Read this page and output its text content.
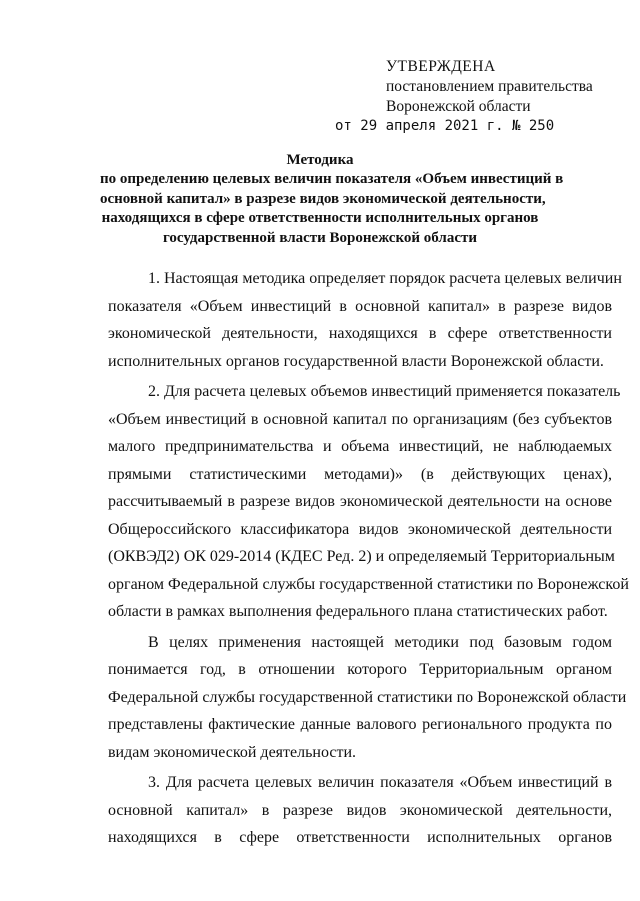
УТВЕРЖДЕНА
постановлением правительства
Воронежской области
от 29 апреля 2021 г. № 250
Методика
по определению целевых величин показателя «Объем инвестиций в
основной капитал» в разрезе видов экономической деятельности,
находящихся в сфере ответственности исполнительных органов
государственной власти Воронежской области
1. Настоящая методика определяет порядок расчета целевых величин
показателя «Объем инвестиций в основной капитал» в разрезе видов
экономической деятельности, находящихся в сфере ответственности
исполнительных органов государственной власти Воронежской области.
2. Для расчета целевых объемов инвестиций применяется показатель
«Объем инвестиций в основной капитал по организациям (без субъектов
малого предпринимательства и объема инвестиций, не наблюдаемых
прямыми статистическими методами)» (в действующих ценах),
рассчитываемый в разрезе видов экономической деятельности на основе
Общероссийского классификатора видов экономической деятельности
(ОКВЭД2) ОК 029-2014 (КДЕС Ред. 2) и определяемый Территориальным
органом Федеральной службы государственной статистики по Воронежской
области в рамках выполнения федерального плана статистических работ.
В целях применения настоящей методики под базовым годом
понимается год, в отношении которого Территориальным органом
Федеральной службы государственной статистики по Воронежской области
представлены фактические данные валового регионального продукта по
видам экономической деятельности.
3. Для расчета целевых величин показателя «Объем инвестиций в
основной капитал» в разрезе видов экономической деятельности,
находящихся в сфере ответственности исполнительных органов
